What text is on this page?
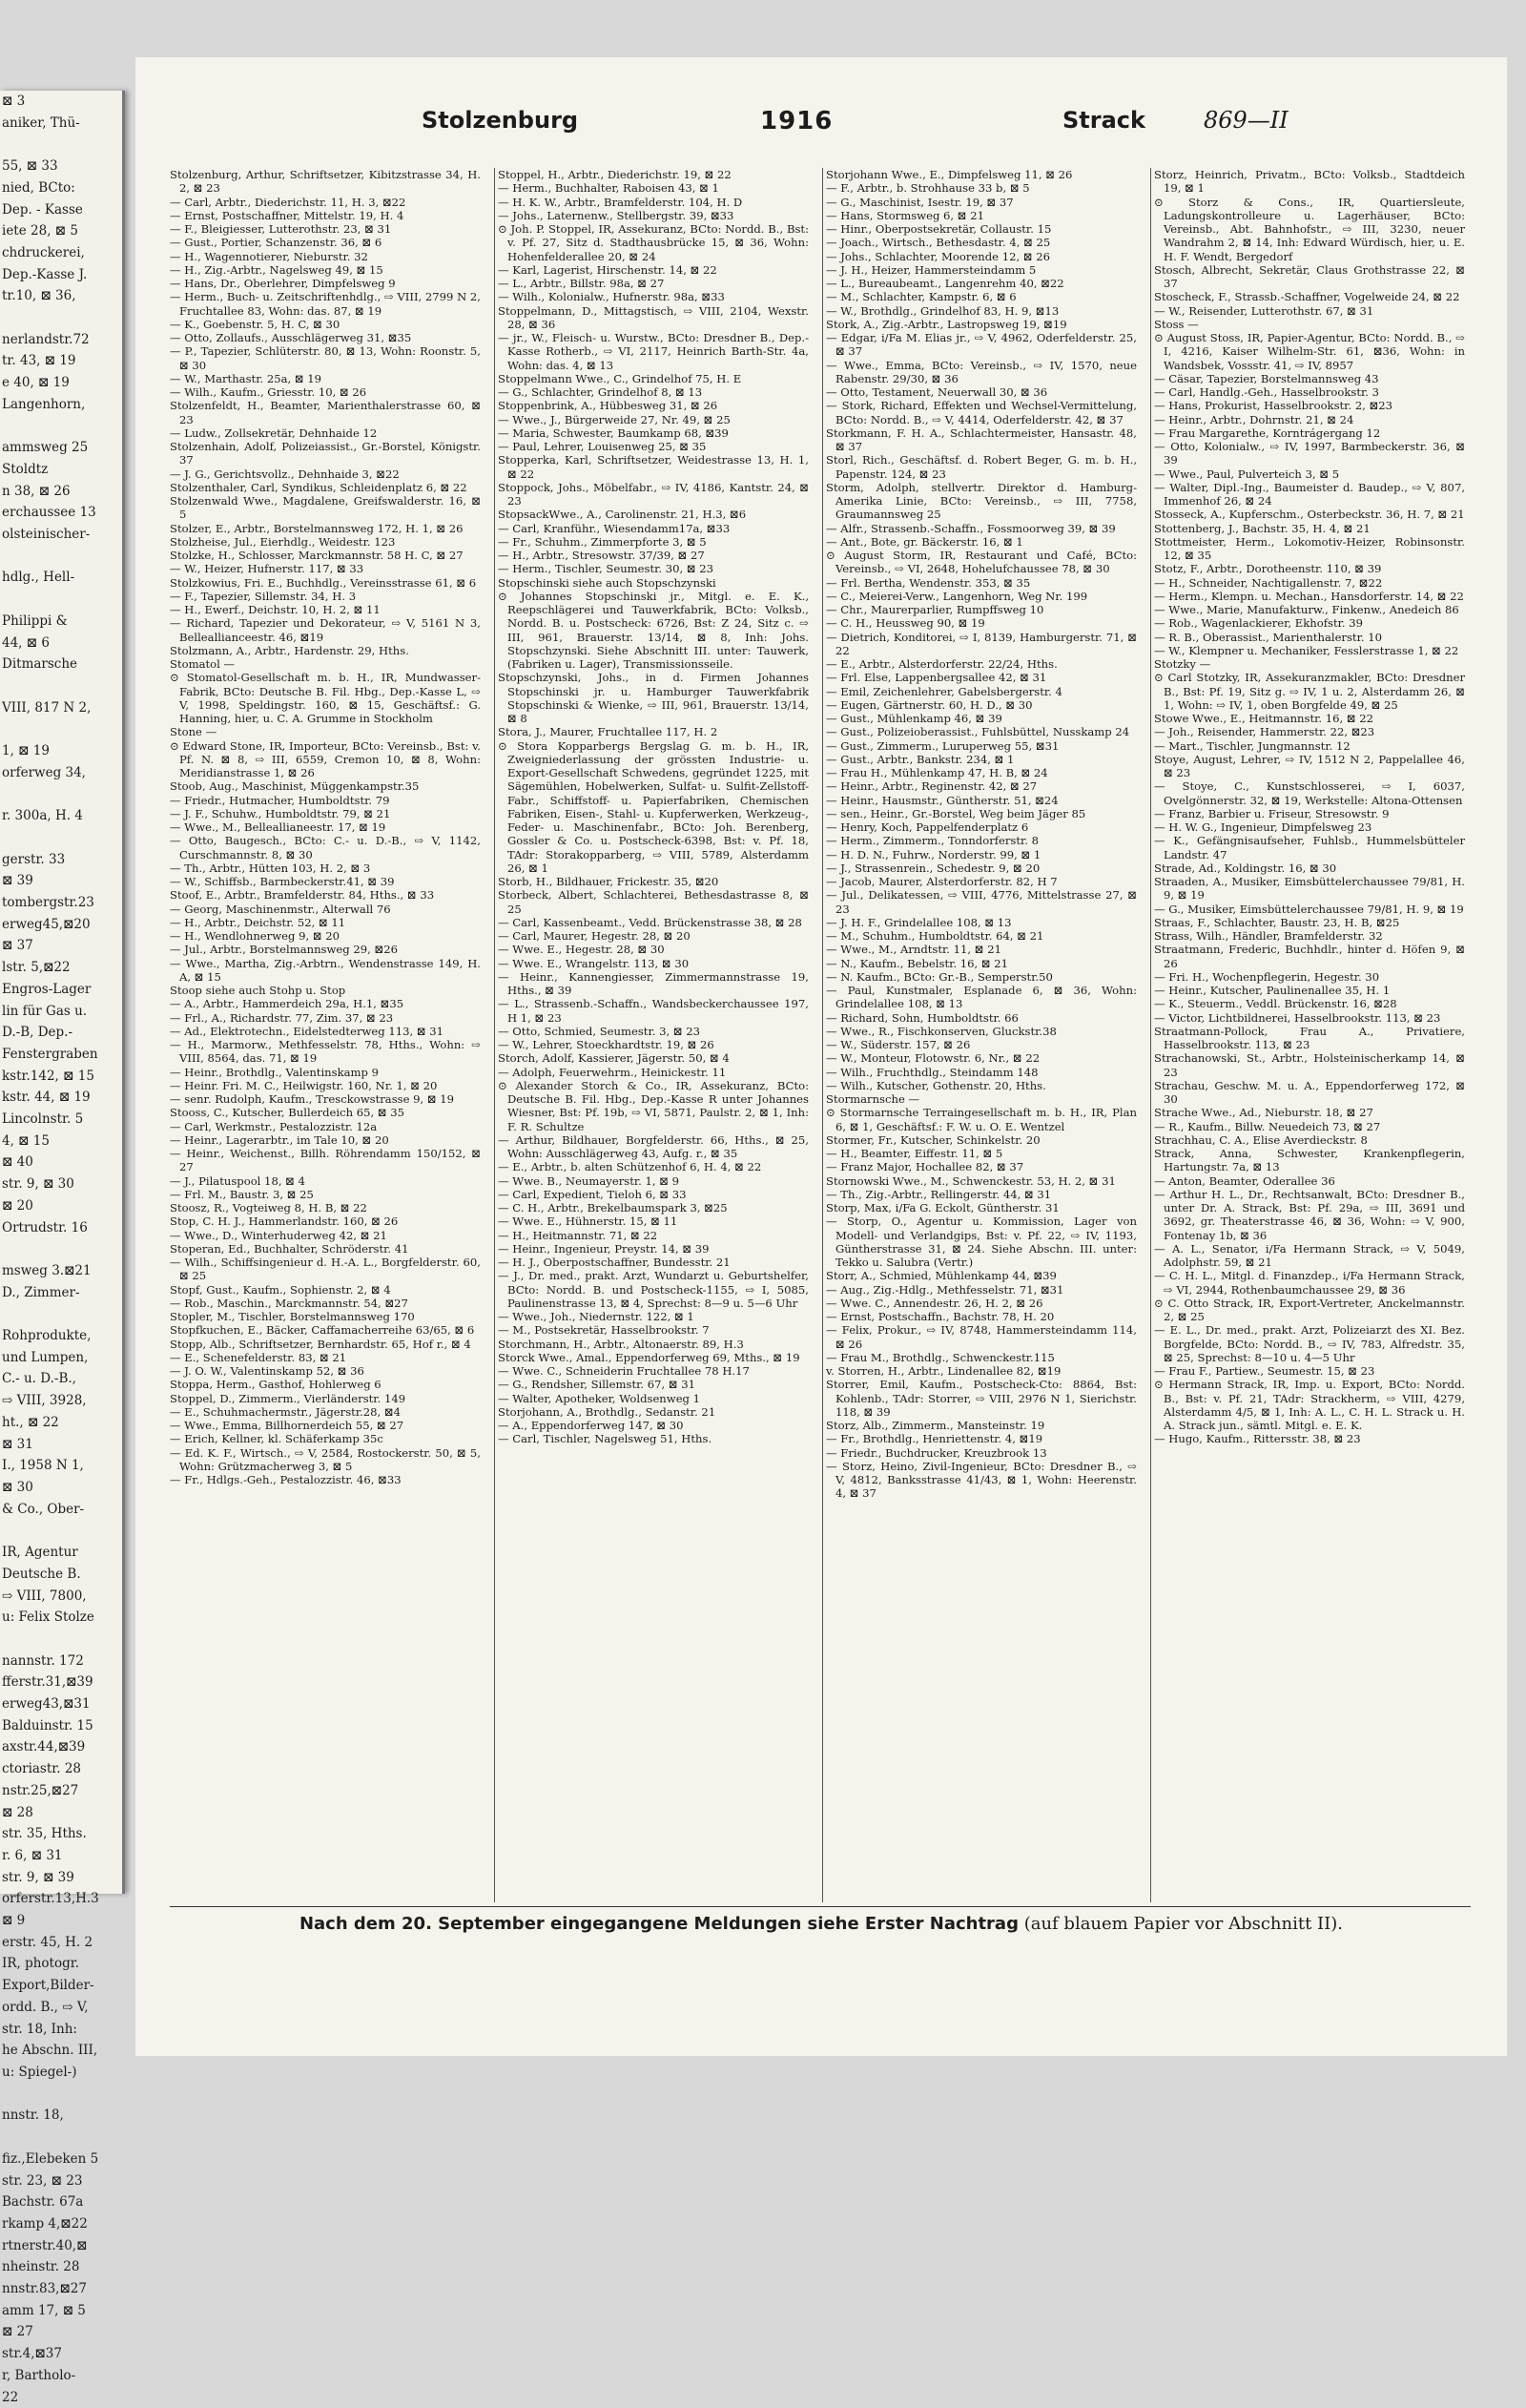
⊠ 3
aniker, Thü-

55, ⊠ 33
nied, BCto:
Dep. - Kasse
iete 28, ⊠ 5
chdruckerei,
Dep.-Kasse J.
tr.10, ⊠ 36,

nerlandstr.72
tr. 43, ⊠ 19
e 40, ⊠ 19
Langenhorn,

ammsweg 25
Stoldtz
n 38, ⊠ 26
erchaussee 13
olsteinischer-

hdlg., Hell-

Philippi &
44, ⊠ 6
Ditmarsche

VIII, 817 N 2,

1, ⊠ 19
orferweg 34,

r. 300a, H. 4

gerstr. 33
⊠ 39
tombergstr.23
erweg45,⊠20
⊠ 37
lstr. 5,⊠22
Engros-Lager
lin für Gas u.
D.-B, Dep.-
Fenstergraben
kstr.142, ⊠ 15
kstr. 44, ⊠ 19
Lincolnstr. 5
4, ⊠ 15
⊠ 40
str. 9, ⊠ 30
⊠ 20
Ortrudstr. 16

msweg 3.⊠21
D., Zimmer-

Rohprodukte,
und Lumpen,
C.- u. D.-B.,
⇨ VIII, 3928,
ht., ⊠ 22
⊠ 31
I., 1958 N 1,
⊠ 30
& Co., Ober-

IR, Agentur
Deutsche B.
⇨ VIII, 7800,
u: Felix Stolze

nannstr. 172
fferstr.31,⊠39
erweg43,⊠31
Balduinstr. 15
axstr.44,⊠39
ctoriastr. 28
nstr.25,⊠27
⊠ 28
str. 35, Hths.
r. 6, ⊠ 31
str. 9, ⊠ 39
orferstr.13,H.3
⊠ 9
erstr. 45, H. 2
IR, photogr.
Export,Bilder-
ordd. B., ⇨ V,
str. 18, Inh:
he Abschn. III,
u: Spiegel-)

nnstr. 18,

fiz.,Elebeken 5
str. 23, ⊠ 23
Bachstr. 67a
rkamp 4,⊠22
rtnerstr.40,⊠
nheinstr. 28
nnstr.83,⊠27
amm 17, ⊠ 5
⊠ 27
str.4,⊠37
r, Bartholo-
22
Stolzenburg	1916	Strack	869—II
Stolzenburg, Arthur, Schriftsetzer, Kibitzstrasse 34, H. 2, ⊠ 23
— Carl, Arbtr., Diederichstr. 11, H. 3, ⊠22
— Ernst, Postschaffner, Mittelstr. 19, H. 4
— F., Bleigiesser, Lutterothstr. 23, ⊠ 31
— Gust., Portier, Schanzenstr. 36, ⊠ 6
— H., Wagennotierer, Nieburstr. 32
— H., Zig.-Arbtr., Nagelsweg 49, ⊠ 15
— Hans, Dr., Oberlehrer, Dimpfelsweg 9
— Herm., Buch- u. Zeitschriftenhdlg., ⇨ VIII, 2799 N 2, Fruchtallee 83, Wohn: das. 87, ⊠ 19
— K., Goebenstr. 5, H. C, ⊠ 30
— Otto, Zollaufs., Ausschlägerweg 31, ⊠35
— P., Tapezier, Schlüterstr. 80, ⊠ 13, Wohn: Roonstr. 5, ⊠ 30
— W., Marthastr. 25a, ⊠ 19
— Wilh., Kaufm., Griesstr. 10, ⊠ 26
Stolzenfeldt, H., Beamter, Marienthalerstrasse 60, ⊠ 23
— Ludw., Zollsekretär, Dehnhaide 12
Stolzenhain, Adolf, Polizeiassist., Gr.-Borstel, Königstr. 37
— J. G., Gerichtsvollz., Dehnhaide 3, ⊠22
Stolzenthaler, Carl, Syndikus, Schleidenplatz 6, ⊠ 22
Stolzenwald Wwe., Magdalene, Greifswalderstr. 16, ⊠ 5
Stolzer, E., Arbtr., Borstelmannsweg 172, H. 1, ⊠ 26
Stolzheise, Jul., Eierhdlg., Weidestr. 123
Stolzke, H., Schlosser, Marckmannstr. 58 H. C, ⊠ 27
— W., Heizer, Hufnerstr. 117, ⊠ 33
Stolzkowius, Fri. E., Buchhdlg., Vereinsstrasse 61, ⊠ 6
— F., Tapezier, Sillemstr. 34, H. 3
— H., Ewerf., Deichstr. 10, H. 2, ⊠ 11
— Richard, Tapezier und Dekorateur, ⇨ V, 5161 N 3, Belleallianceestr. 46, ⊠19
Stolzmann, A., Arbtr., Hardenstr. 29, Hths.
Stomatol —
⊙ Stomatol-Gesellschaft m. b. H., IR, Mundwasser-Fabrik, BCto: Deutsche B. Fil. Hbg., Dep.-Kasse L, ⇨ V, 1998, Speldingstr. 160, ⊠ 15, Geschäftsf.: G. Hanning, hier, u. C. A. Grumme in Stockholm
Stone —
⊙ Edward Stone, IR, Importeur, BCto: Vereinsb., Bst: v. Pf. N. ⊠ 8, ⇨ III, 6559, Cremon 10, ⊠ 8, Wohn: Meridianstrasse 1, ⊠ 26
Stoob, Aug., Maschinist, Müggenkampstr.35
— Friedr., Hutmacher, Humboldtstr. 79
— J. F., Schuhw., Humboldtstr. 79, ⊠ 21
— Wwe., M., Belleallianeestr. 17, ⊠ 19
— Otto, Baugesch., BCto: C.- u. D.-B., ⇨ V, 1142, Curschmannstr. 8, ⊠ 30
— Th., Arbtr., Hütten 103, H. 2, ⊠ 3
— W., Schiffsb., Barmbeckerstr.41, ⊠ 39
Stoof, E., Arbtr., Bramfelderstr. 84, Hths., ⊠ 33
— Georg, Maschinenmstr., Alterwall 76
— H., Arbtr., Deichstr. 52, ⊠ 11
— H., Wendlohnerweg 9, ⊠ 20
— Jul., Arbtr., Borstelmannsweg 29, ⊠26
— Wwe., Martha, Zig.-Arbtrn., Wendenstrasse 149, H. A, ⊠ 15
Stoop siehe auch Stohp u. Stop
— A., Arbtr., Hammerdeich 29a, H.1, ⊠35
— Frl., A., Richardstr. 77, Zim. 37, ⊠ 23
— Ad., Elektrotechn., Eidelstedterweg 113, ⊠ 31
— H., Marmorw., Methfesselstr. 78, Hths., Wohn: ⇨ VIII, 8564, das. 71, ⊠ 19
— Heinr., Brothdlg., Valentinskamp 9
— Heinr. Fri. M. C., Heilwigstr. 160, Nr. 1, ⊠ 20
— senr. Rudolph, Kaufm., Tresckowstrasse 9, ⊠ 19
Stooss, C., Kutscher, Bullerdeich 65, ⊠ 35
— Carl, Werkmstr., Pestalozzistr. 12a
— Heinr., Lagerarbtr., im Tale 10, ⊠ 20
— Heinr., Weichenst., Billh. Röhrendamm 150/152, ⊠ 27
— J., Pilatuspool 18, ⊠ 4
— Frl. M., Baustr. 3, ⊠ 25
Stoosz, R., Vogteiweg 8, H. B, ⊠ 22
Stop, C. H. J., Hammerlandstr. 160, ⊠ 26
— Wwe., D., Winterhuderweg 42, ⊠ 21
Stoperan, Ed., Buchhalter, Schröderstr. 41
— Wilh., Schiffsingenieur d. H.-A. L., Borgfelderstr. 60, ⊠ 25
Stopf, Gust., Kaufm., Sophienstr. 2, ⊠ 4
— Rob., Maschin., Marckmannstr. 54, ⊠27
Stopler, M., Tischler, Borstelmannsweg 170
Stopfkuchen, E., Bäcker, Caffamacherreihe 63/65, ⊠ 6
Stopp, Alb., Schriftsetzer, Bernhardstr. 65, Hof r., ⊠ 4
— E., Schenefelderstr. 83, ⊠ 21
— J. O. W., Valentinskamp 52, ⊠ 36
Stoppa, Herm., Gasthof, Hohlerweg 6
Stoppel, D., Zimmerm., Vierländerstr. 149
— E., Schuhmachermstr., Jägerstr.28, ⊠4
— Wwe., Emma, Billhornerdeich 55, ⊠ 27
— Erich, Kellner, kl. Schäferkamp 35c
— Ed. K. F., Wirtsch., ⇨ V, 2584, Rostockerstr. 50, ⊠ 5, Wohn: Grützmacherweg 3, ⊠ 5
— Fr., Hdlgs.-Geh., Pestalozzistr. 46, ⊠33
Stoppel, H., Arbtr., Diederichstr. 19, ⊠ 22
— Herm., Buchhalter, Raboisen 43, ⊠ 1
— H. K. W., Arbtr., Bramfelderstr. 104, H. D
— Johs., Laternenw., Stellbergstr. 39, ⊠33
⊙ Joh. P. Stoppel, IR, Assekuranz, BCto: Nordd. B., Bst: v. Pf. 27, Sitz d. Stadthausbrücke 15, ⊠ 36, Wohn: Hohenfelderallee 20, ⊠ 24
— Karl, Lagerist, Hirschenstr. 14, ⊠ 22
— L., Arbtr., Billstr. 98a, ⊠ 27
— Wilh., Kolonialw., Hufnerstr. 98a, ⊠33
Stoppelmann, D., Mittagstisch, ⇨ VIII, 2104, Wexstr. 28, ⊠ 36
— jr., W., Fleisch- u. Wurstw., BCto: Dresdner B., Dep.-Kasse Rotherb., ⇨ VI, 2117, Heinrich Barth-Str. 4a, Wohn: das. 4, ⊠ 13
Stoppelmann Wwe., C., Grindelhof 75, H. E
— G., Schlachter, Grindelhof 8, ⊠ 13
Stoppenbrink, A., Hübbesweg 31, ⊠ 26
— Wwe., J., Bürgerweide 27, Nr. 49, ⊠ 25
— Maria, Schwester, Baumkamp 68, ⊠39
— Paul, Lehrer, Louisenweg 25, ⊠ 35
Stopperka, Karl, Schriftsetzer, Weidestrasse 13, H. 1, ⊠ 22
Stoppock, Johs., Möbelfabr., ⇨ IV, 4186, Kantstr. 24, ⊠ 23
StopsackWwe., A., Carolinenstr. 21, H.3, ⊠6
— Carl, Kranführ., Wiesendamm17a, ⊠33
— Fr., Schuhm., Zimmerpforte 3, ⊠ 5
— H., Arbtr., Stresowstr. 37/39, ⊠ 27
— Herm., Tischler, Seumestr. 30, ⊠ 23
Stopschinski siehe auch Stopschzynski
⊙ Johannes Stopschinski jr., Mitgl. e. E. K., Reepschlägerei und Tauwerkfabrik, BCto: Volksb., Nordd. B. u. Postscheck: 6726, Bst: Z 24, Sitz c. ⇨ III, 961, Brauerstr. 13/14, ⊠ 8, Inh: Johs. Stopschzynski. Siehe Abschnitt III. unter: Tauwerk, (Fabriken u. Lager), Transmissionsseile.
Stopschzynski, Johs., in d. Firmen Johannes Stopschinski jr. u. Hamburger Tauwerkfabrik Stopschinski & Wienke, ⇨ III, 961, Brauerstr. 13/14, ⊠ 8
Stora, J., Maurer, Fruchtallee 117, H. 2
⊙ Stora Kopparbergs Bergslag G. m. b. H., IR, Zweigniederlassung der grössten Industrie- u. Export-Gesellschaft Schwedens, gegründet 1225, mit Sägemühlen, Hobelwerken, Sulfat- u. Sulfit-Zellstoff-Fabr., Schiffstoff- u. Papierfabriken, Chemischen Fabriken, Eisen-, Stahl- u. Kupferwerken, Werkzeug-, Feder- u. Maschinenfabr., BCto: Joh. Berenberg, Gossler & Co. u. Postscheck-6398, Bst: v. Pf. 18, TAdr: Storakopparberg, ⇨ VIII, 5789, Alsterdamm 26, ⊠ 1
Storb, H., Bildhauer, Frickestr. 35, ⊠20
Storbeck, Albert, Schlachterei, Bethesdastrasse 8, ⊠ 25
— Carl, Kassenbeamt., Vedd. Brückenstrasse 38, ⊠ 28
— Carl, Maurer, Hegestr. 28, ⊠ 20
— Wwe. E., Hegestr. 28, ⊠ 30
— Wwe. E., Wrangelstr. 113, ⊠ 30
— Heinr., Kannengiesser, Zimmermannstrasse 19, Hths., ⊠ 39
— L., Strassenb.-Schaffn., Wandsbeckerchaussee 197, H 1, ⊠ 23
— Otto, Schmied, Seumestr. 3, ⊠ 23
— W., Lehrer, Stoeckhardtstr. 19, ⊠ 26
Storch, Adolf, Kassierer, Jägerstr. 50, ⊠ 4
— Adolph, Feuerwehrm., Heinickestr. 11
⊙ Alexander Storch & Co., IR, Assekuranz, BCto: Deutsche B. Fil. Hbg., Dep.-Kasse R unter Johannes Wiesner, Bst: Pf. 19b, ⇨ VI, 5871, Paulstr. 2, ⊠ 1, Inh: F. R. Schultze
— Arthur, Bildhauer, Borgfelderstr. 66, Hths., ⊠ 25, Wohn: Ausschlägerweg 43, Aufg. r., ⊠ 35
— E., Arbtr., b. alten Schützenhof 6, H. 4, ⊠ 22
— Wwe. B., Neumayerstr. 1, ⊠ 9
— Carl, Expedient, Tieloh 6, ⊠ 33
— C. H., Arbtr., Brekelbaumspark 3, ⊠25
— Wwe. E., Hühnerstr. 15, ⊠ 11
— H., Heitmannstr. 71, ⊠ 22
— Heinr., Ingenieur, Preystr. 14, ⊠ 39
— H. J., Oberpostschaffner, Bundesstr. 21
— J., Dr. med., prakt. Arzt, Wundarzt u. Geburtshelfer, BCto: Nordd. B. und Postscheck-1155, ⇨ I, 5085, Paulinenstrasse 13, ⊠ 4, Sprechst: 8—9 u. 5—6 Uhr
— Wwe., Joh., Niedernstr. 122, ⊠ 1
— M., Postsekretär, Hasselbrookstr. 7
Storchmann, H., Arbtr., Altonaerstr. 89, H.3
Storck Wwe., Amal., Eppendorferweg 69, Mths., ⊠ 19
— Wwe. C., Schneiderin Fruchtallee 78 H.17
— G., Rendsher, Sillemstr. 67, ⊠ 31
— Walter, Apotheker, Woldsenweg 1
Storjohann, A., Brothdlg., Sedanstr. 21
— A., Eppendorferweg 147, ⊠ 30
— Carl, Tischler, Nagelsweg 51, Hths.
Storjohann Wwe., E., Dimpfelsweg 11, ⊠ 26
— F., Arbtr., b. Strohhause 33 b, ⊠ 5
— G., Maschinist, Isestr. 19, ⊠ 37
— Hans, Stormsweg 6, ⊠ 21
— Hinr., Oberpostsekretär, Collaustr. 15
— Joach., Wirtsch., Bethesdastr. 4, ⊠ 25
— Johs., Schlachter, Moorende 12, ⊠ 26
— J. H., Heizer, Hammersteindamm 5
— L., Bureaubeamt., Langenrehm 40, ⊠22
— M., Schlachter, Kampstr. 6, ⊠ 6
— W., Brothdlg., Grindelhof 83, H. 9, ⊠13
Stork, A., Zig.-Arbtr., Lastropsweg 19, ⊠19
— Edgar, i/Fa M. Elias jr., ⇨ V, 4962, Oderfelderstr. 25, ⊠ 37
— Wwe., Emma, BCto: Vereinsb., ⇨ IV, 1570, neue Rabenstr. 29/30, ⊠ 36
— Otto, Testament, Neuerwall 30, ⊠ 36
— Stork, Richard, Effekten und Wechsel-Vermittelung, BCto: Nordd. B., ⇨ V, 4414, Oderfelderstr. 42, ⊠ 37
Storkmann, F. H. A., Schlachtermeister, Hansastr. 48, ⊠ 37
Storl, Rich., Geschäftsf. d. Robert Beger, G. m. b. H., Papenstr. 124, ⊠ 23
Storm, Adolph, stellvertr. Direktor d. Hamburg-Amerika Linie, BCto: Vereinsb., ⇨ III, 7758, Graumannsweg 25
— Alfr., Strassenb.-Schaffn., Fossmoorweg 39, ⊠ 39
— Ant., Bote, gr. Bäckerstr. 16, ⊠ 1
⊙ August Storm, IR, Restaurant und Café, BCto: Vereinsb., ⇨ VI, 2648, Hohelufchaussee 78, ⊠ 30
— Frl. Bertha, Wendenstr. 353, ⊠ 35
— C., Meierei-Verw., Langenhorn, Weg Nr. 199
— Chr., Maurerparlier, Rumpffsweg 10
— C. H., Heussweg 90, ⊠ 19
— Dietrich, Konditorei, ⇨ I, 8139, Hamburgerstr. 71, ⊠ 22
— E., Arbtr., Alsterdorferstr. 22/24, Hths.
— Frl. Else, Lappenbergsallee 42, ⊠ 31
— Emil, Zeichenlehrer, Gabelsbergerstr. 4
— Eugen, Gärtnerstr. 60, H. D., ⊠ 30
— Gust., Mühlenkamp 46, ⊠ 39
— Gust., Polizeioberassist., Fuhlsbüttel, Nusskamp 24
— Gust., Zimmerm., Luruperweg 55, ⊠31
— Gust., Arbtr., Bankstr. 234, ⊠ 1
— Frau H., Mühlenkamp 47, H. B, ⊠ 24
— Heinr., Arbtr., Reginenstr. 42, ⊠ 27
— Heinr., Hausmstr., Güntherstr. 51, ⊠24
— sen., Heinr., Gr.-Borstel, Weg beim Jäger 85
— Henry, Koch, Pappelfenderplatz 6
— Herm., Zimmerm., Tonndorferstr. 8
— H. D. N., Fuhrw., Norderstr. 99, ⊠ 1
— J., Strassenrein., Schedestr. 9, ⊠ 20
— Jacob, Maurer, Alsterdorferstr. 82, H 7
— Jul., Delikatessen, ⇨ VIII, 4776, Mittelstrasse 27, ⊠ 23
— J. H. F., Grindelallee 108, ⊠ 13
— M., Schuhm., Humboldtstr. 64, ⊠ 21
— Wwe., M., Arndtstr. 11, ⊠ 21
— N., Kaufm., Bebelstr. 16, ⊠ 21
— N. Kaufm., BCto: Gr.-B., Semperstr.50
— Paul, Kunstmaler, Esplanade 6, ⊠ 36, Wohn: Grindelallee 108, ⊠ 13
— Richard, Sohn, Humboldtstr. 66
— Wwe., R., Fischkonserven, Gluckstr.38
— W., Süderstr. 157, ⊠ 26
— W., Monteur, Flotowstr. 6, Nr., ⊠ 22
— Wilh., Fruchthdlg., Steindamm 148
— Wilh., Kutscher, Gothenstr. 20, Hths.
Stormarnsche —
⊙ Stormarnsche Terraingesellschaft m. b. H., IR, Plan 6, ⊠ 1, Geschäftsf.: F. W. u. O. E. Wentzel
Stormer, Fr., Kutscher, Schinkelstr. 20
— H., Beamter, Eiffestr. 11, ⊠ 5
— Franz Major, Hochallee 82, ⊠ 37
Stornowski Wwe., M., Schwenckestr. 53, H. 2, ⊠ 31
— Th., Zig.-Arbtr., Rellingerstr. 44, ⊠ 31
Storp, Max, i/Fa G. Eckolt, Güntherstr. 31
— Storp, O., Agentur u. Kommission, Lager von Modell- und Verlandgips, Bst: v. Pf. 22, ⇨ IV, 1193, Güntherstrasse 31, ⊠ 24. Siehe Abschn. III. unter: Tekko u. Salubra (Vertr.)
Storr, A., Schmied, Mühlenkamp 44, ⊠39
— Aug., Zig.-Hdlg., Methfesselstr. 71, ⊠31
— Wwe. C., Annendestr. 26, H. 2, ⊠ 26
— Ernst, Postschaffn., Bachstr. 78, H. 20
— Felix, Prokur., ⇨ IV, 8748, Hammersteindamm 114, ⊠ 26
— Frau M., Brothdlg., Schwenckestr.115
v. Storren, H., Arbtr., Lindenallee 82, ⊠19
Storrer, Emil, Kaufm., Postscheck-Cto: 8864, Bst: Kohlenb., TAdr: Storrer, ⇨ VIII, 2976 N 1, Sierichstr. 118, ⊠ 39
Storz, Alb., Zimmerm., Mansteinstr. 19
— Fr., Brothdlg., Henriettenstr. 4, ⊠19
— Friedr., Buchdrucker, Kreuzbrook 13
— Storz, Heino, Zivil-Ingenieur, BCto: Dresdner B., ⇨ V, 4812, Banksstrasse 41/43, ⊠ 1, Wohn: Heerenstr. 4, ⊠ 37
Storz, Heinrich, Privatm., BCto: Volksb., Stadtdeich 19, ⊠ 1
⊙ Storz & Cons., IR, Quartiersleute, Ladungskontrolleure u. Lagerhäuser, BCto: Vereinsb., Abt. Bahnhofstr., ⇨ III, 3230, neuer Wandrahm 2, ⊠ 14, Inh: Edward Würdisch, hier, u. E. H. F. Wendt, Bergedorf
Stosch, Albrecht, Sekretär, Claus Grothstrasse 22, ⊠ 37
Stoscheck, F., Strassb.-Schaffner, Vogelweide 24, ⊠ 22
— W., Reisender, Lutterothstr. 67, ⊠ 31
Stoss —
⊙ August Stoss, IR, Papier-Agentur, BCto: Nordd. B., ⇨ I, 4216, Kaiser Wilhelm-Str. 61, ⊠36, Wohn: in Wandsbek, Vossstr. 41, ⇨ IV, 8957
— Cäsar, Tapezier, Borstelmannsweg 43
— Carl, Handlg.-Geh., Hasselbrookstr. 3
— Hans, Prokurist, Hasselbrookstr. 2, ⊠23
— Heinr., Arbtr., Dohrnstr. 21, ⊠ 24
— Frau Margarethe, Korntrágergang 12
— Otto, Kolonialw., ⇨ IV, 1997, Barmbeckerstr. 36, ⊠ 39
— Wwe., Paul, Pulverteich 3, ⊠ 5
— Walter, Dipl.-Ing., Baumeister d. Baudep., ⇨ V, 807, Immenhof 26, ⊠ 24
Stosseck, A., Kupferschm., Osterbeckstr. 36, H. 7, ⊠ 21
Stottenberg, J., Bachstr. 35, H. 4, ⊠ 21
Stottmeister, Herm., Lokomotiv-Heizer, Robinsonstr. 12, ⊠ 35
Stotz, F., Arbtr., Dorotheenstr. 110, ⊠ 39
— H., Schneider, Nachtigallenstr. 7, ⊠22
— Herm., Klempn. u. Mechan., Hansdorferstr. 14, ⊠ 22
— Wwe., Marie, Manufakturw., Finkenw., Anedeich 86
— Rob., Wagenlackierer, Ekhofstr. 39
— R. B., Oberassist., Marienthalerstr. 10
— W., Klempner u. Mechaniker, Fesslerstrasse 1, ⊠ 22
Stotzky —
⊙ Carl Stotzky, IR, Assekuranzmakler, BCto: Dresdner B., Bst: Pf. 19, Sitz g. ⇨ IV, 1 u. 2, Alsterdamm 26, ⊠ 1, Wohn: ⇨ IV, 1, oben Borgfelde 49, ⊠ 25
Stowe Wwe., E., Heitmannstr. 16, ⊠ 22
— Joh., Reisender, Hammerstr. 22, ⊠23
— Mart., Tischler, Jungmannstr. 12
Stoye, August, Lehrer, ⇨ IV, 1512 N 2, Pappelallee 46, ⊠ 23
— Stoye, C., Kunstschlosserei, ⇨ I, 6037, Ovelgönnerstr. 32, ⊠ 19, Werkstelle: Altona-Ottensen
— Franz, Barbier u. Friseur, Stresowstr. 9
— H. W. G., Ingenieur, Dimpfelsweg 23
— K., Gefängnisaufseher, Fuhlsb., Hummelsbütteler Landstr. 47
Strade, Ad., Koldingstr. 16, ⊠ 30
Straaden, A., Musiker, Eimsbüttelerchaussee 79/81, H. 9, ⊠ 19
— G., Musiker, Eimsbüttelerchaussee 79/81, H. 9, ⊠ 19
Straas, F., Schlachter, Baustr. 23, H. B, ⊠25
Strass, Wilh., Händler, Bramfelderstr. 32
Straatmann, Frederic, Buchhdlr., hinter d. Höfen 9, ⊠ 26
— Fri. H., Wochenpflegerin, Hegestr. 30
— Heinr., Kutscher, Paulinenallee 35, H. 1
— K., Steuerm., Veddl. Brückenstr. 16, ⊠28
— Victor, Lichtbildnerei, Hasselbrookstr. 113, ⊠ 23
Straatmann-Pollock, Frau A., Privatiere, Hasselbrookstr. 113, ⊠ 23
Strachanowski, St., Arbtr., Holsteinischerkamp 14, ⊠ 23
Strachau, Geschw. M. u. A., Eppendorferweg 172, ⊠ 30
Strache Wwe., Ad., Nieburstr. 18, ⊠ 27
— R., Kaufm., Billw. Neuedeich 73, ⊠ 27
Strachhau, C. A., Elise Averdieckstr. 8
Strack, Anna, Schwester, Krankenpflegerin, Hartungstr. 7a, ⊠ 13
— Anton, Beamter, Oderallee 36
— Arthur H. L., Dr., Rechtsanwalt, BCto: Dresdner B., unter Dr. A. Strack, Bst: Pf. 29a, ⇨ III, 3691 und 3692, gr. Theaterstrasse 46, ⊠ 36, Wohn: ⇨ V, 900, Fontenay 1b, ⊠ 36
— A. L., Senator, i/Fa Hermann Strack, ⇨ V, 5049, Adolphstr. 59, ⊠ 21
— C. H. L., Mitgl. d. Finanzdep., i/Fa Hermann Strack, ⇨ VI, 2944, Rothenbaumchaussee 29, ⊠ 36
⊙ C. Otto Strack, IR, Export-Vertreter, Anckelmannstr. 2, ⊠ 25
— E. L., Dr. med., prakt. Arzt, Polizeiarzt des XI. Bez. Borgfelde, BCto: Nordd. B., ⇨ IV, 783, Alfredstr. 35, ⊠ 25, Sprechst: 8—10 u. 4—5 Uhr
— Frau F., Partiew., Seumestr. 15, ⊠ 23
⊙ Hermann Strack, IR, Imp. u. Export, BCto: Nordd. B., Bst: v. Pf. 21, TAdr: Strackherm, ⇨ VIII, 4279, Alsterdamm 4/5, ⊠ 1, Inh: A. L., C. H. L. Strack u. H. A. Strack jun., sämtl. Mitgl. e. E. K.
— Hugo, Kaufm., Rittersstr. 38, ⊠ 23
Nach dem 20. September eingegangene Meldungen siehe Erster Nachtrag (auf blauem Papier vor Abschnitt II).
